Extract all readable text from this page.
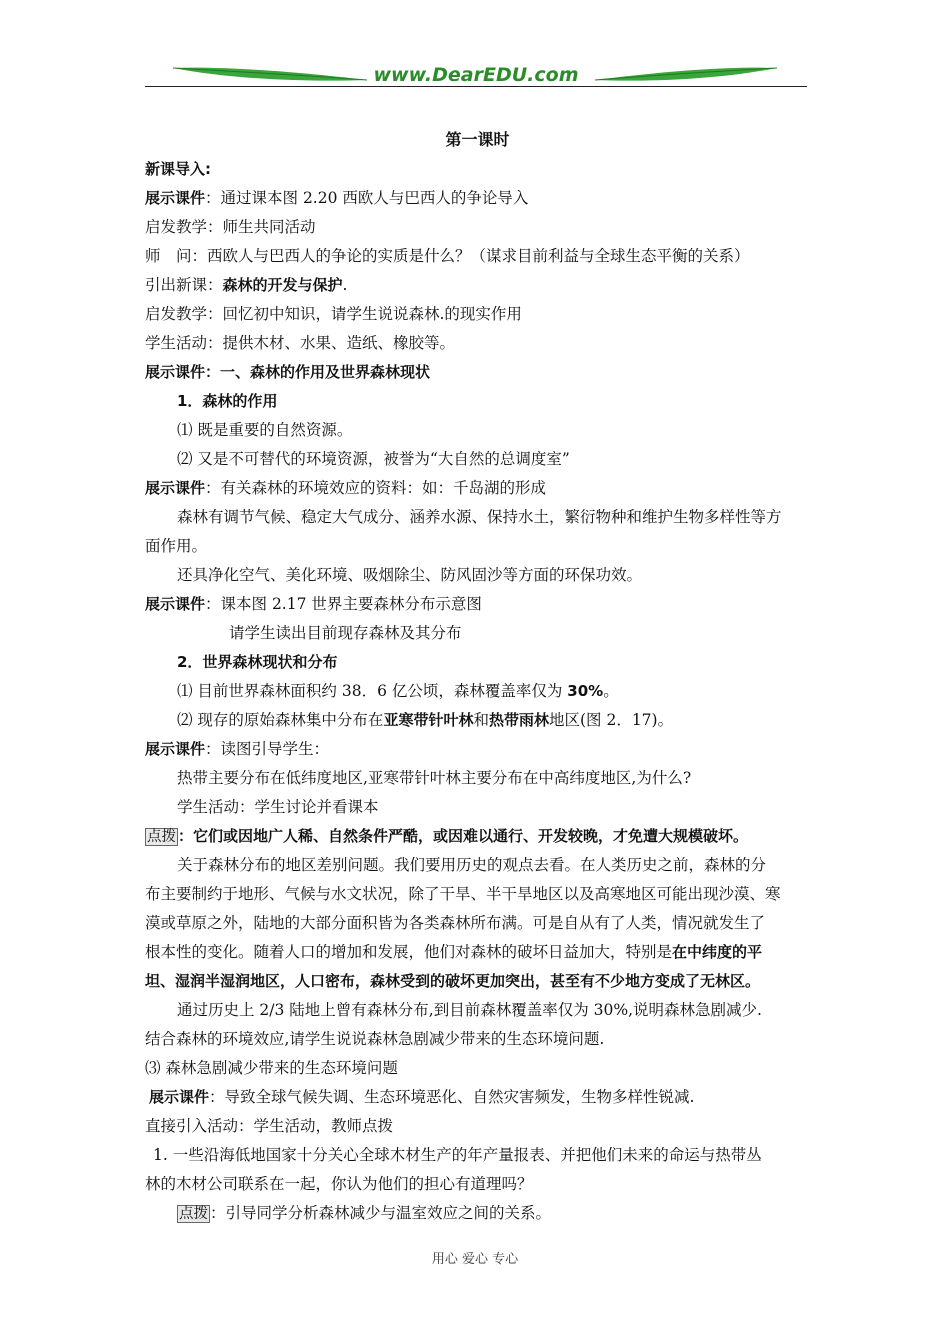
www.DearEDU.com
第一课时
新课导入:
展示课件：通过课本图 2.20 西欧人与巴西人的争论导入
启发教学：师生共同活动
师　问：西欧人与巴西人的争论的实质是什么？（谋求目前利益与全球生态平衡的关系）
引出新课：森林的开发与保护.
启发教学：回忆初中知识，请学生说说森林.的现实作用
学生活动：提供木材、水果、造纸、橡胶等。
展示课件：一、森林的作用及世界森林现状
1．森林的作用
⑴ 既是重要的自然资源。
⑵ 又是不可替代的环境资源，被誉为“大自然的总调度室”
展示课件：有关森林的环境效应的资料：如：千岛湖的形成
森林有调节气候、稳定大气成分、涵养水源、保持水土，繁衍物种和维护生物多样性等方
面作用。
还具净化空气、美化环境、吸烟除尘、防风固沙等方面的环保功效。
展示课件：课本图 2.17 世界主要森林分布示意图
请学生读出目前现存森林及其分布
2．世界森林现状和分布
⑴ 目前世界森林面积约 38．6 亿公顷，森林覆盖率仅为 30%。
⑵ 现存的原始森林集中分布在亚寒带针叶林和热带雨林地区(图 2．17)。
展示课件：读图引导学生：
热带主要分布在低纬度地区,亚寒带针叶林主要分布在中高纬度地区,为什么?
学生活动：学生讨论并看课本
点拨 ：它们或因地广人稀、自然条件严酷，或因难以通行、开发较晚，才免遭大规模破坏。
关于森林分布的地区差别问题。我们要用历史的观点去看。在人类历史之前，森林的分
布主要制约于地形、气候与水文状况，除了干旱、半干旱地区以及高寒地区可能出现沙漠、寒
漠或草原之外，陆地的大部分面积皆为各类森林所布满。可是自从有了人类，情况就发生了
根本性的变化。随着人口的增加和发展，他们对森林的破坏日益加大，特别是在中纬度的平
坦、湿润半湿润地区，人口密布，森林受到的破坏更加突出，甚至有不少地方变成了无林区。
通过历史上 2/3 陆地上曾有森林分布,到目前森林覆盖率仅为 30%,说明森林急剧减少.
结合森林的环境效应,请学生说说森林急剧减少带来的生态环境问题.
⑶ 森林急剧减少带来的生态环境问题
展示课件：导致全球气候失调、生态环境恶化、自然灾害频发，生物多样性锐减.
直接引入活动：学生活动，教师点拨
1. 一些沿海低地国家十分关心全球木材生产的年产量报表、并把他们未来的命运与热带丛
林的木材公司联系在一起，你认为他们的担心有道理吗？
点拨 ：引导同学分析森林减少与温室效应之间的关系。
用心 爱心 专心
